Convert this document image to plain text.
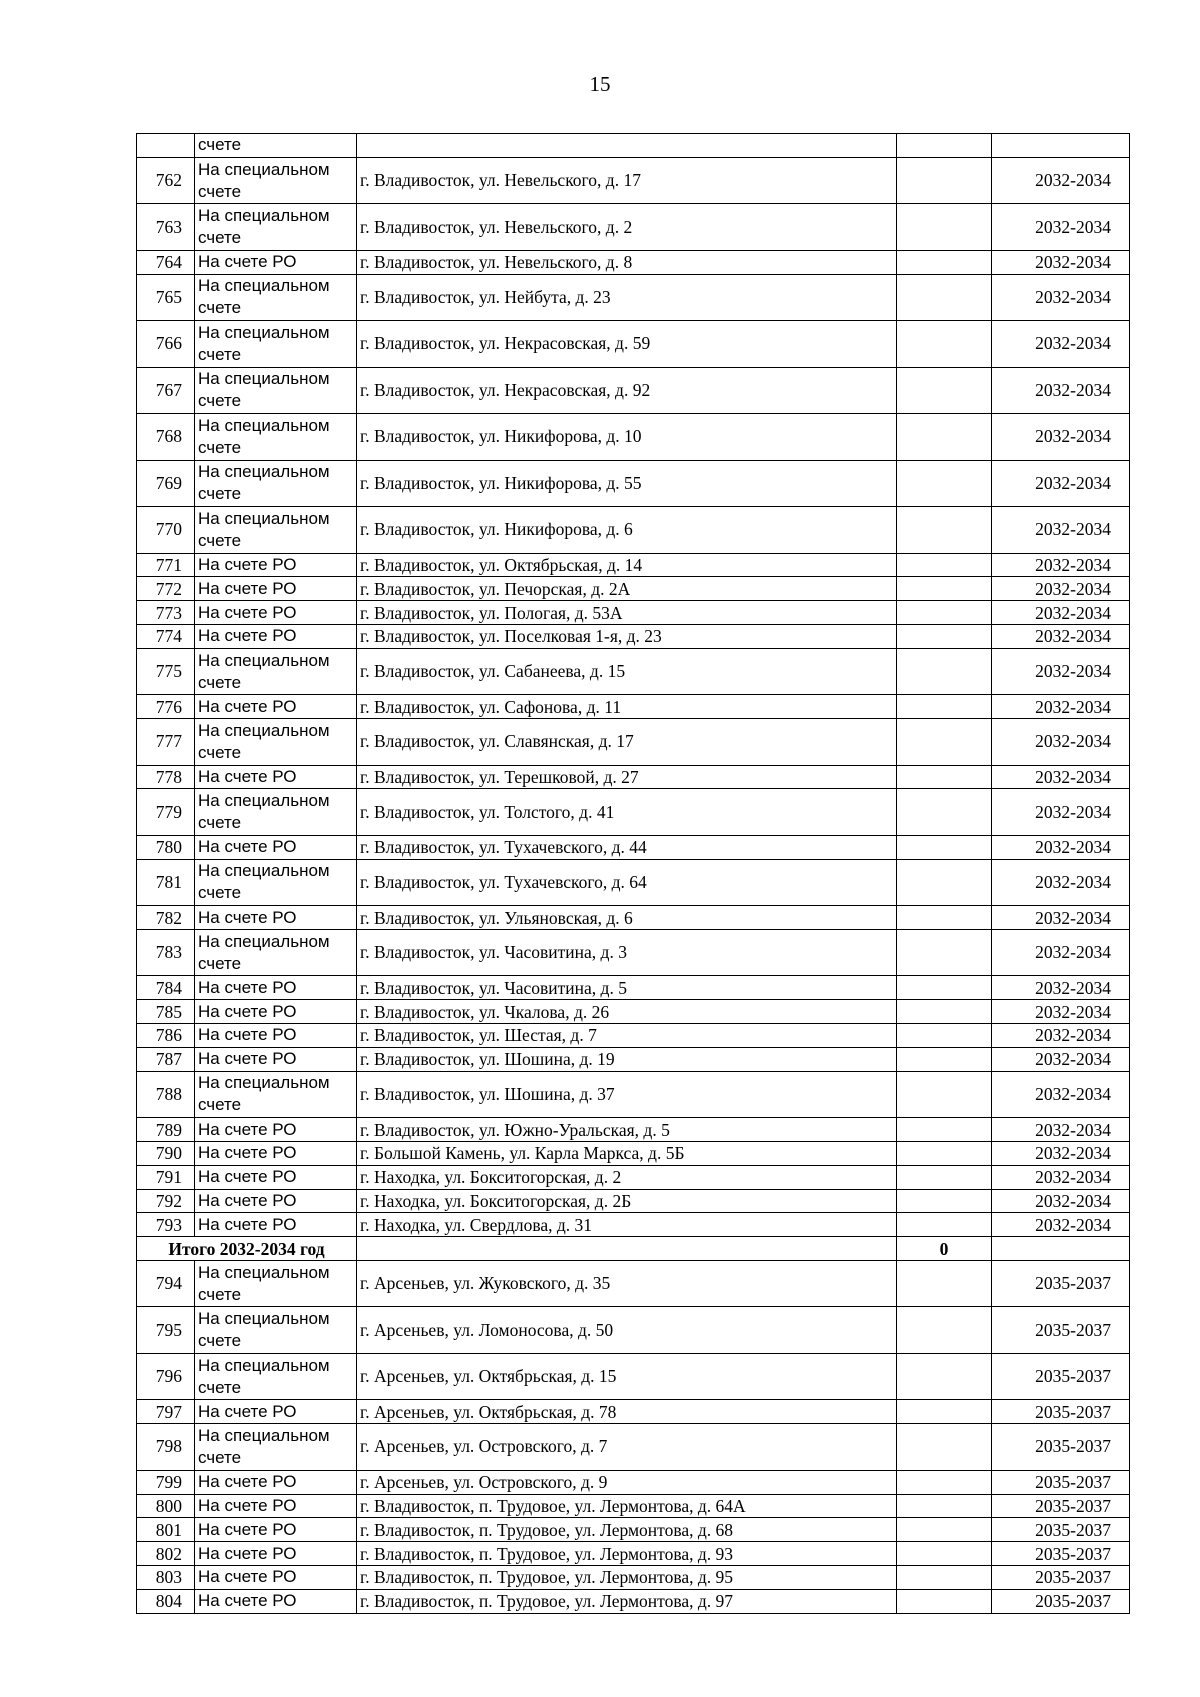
15
	счете			
762	На специальном счете	г. Владивосток, ул. Невельского, д. 17		2032-2034
763	На специальном счете	г. Владивосток, ул. Невельского, д. 2		2032-2034
764	На счете РО	г. Владивосток, ул. Невельского, д. 8		2032-2034
765	На специальном счете	г. Владивосток, ул. Нейбута, д. 23		2032-2034
766	На специальном счете	г. Владивосток, ул. Некрасовская, д. 59		2032-2034
767	На специальном счете	г. Владивосток, ул. Некрасовская, д. 92		2032-2034
768	На специальном счете	г. Владивосток, ул. Никифорова, д. 10		2032-2034
769	На специальном счете	г. Владивосток, ул. Никифорова, д. 55		2032-2034
770	На специальном счете	г. Владивосток, ул. Никифорова, д. 6		2032-2034
771	На счете РО	г. Владивосток, ул. Октябрьская, д. 14		2032-2034
772	На счете РО	г. Владивосток, ул. Печорская, д. 2А		2032-2034
773	На счете РО	г. Владивосток, ул. Пологая, д. 53А		2032-2034
774	На счете РО	г. Владивосток, ул. Поселковая 1-я, д. 23		2032-2034
775	На специальном счете	г. Владивосток, ул. Сабанеева, д. 15		2032-2034
776	На счете РО	г. Владивосток, ул. Сафонова, д. 11		2032-2034
777	На специальном счете	г. Владивосток, ул. Славянская, д. 17		2032-2034
778	На счете РО	г. Владивосток, ул. Терешковой, д. 27		2032-2034
779	На специальном счете	г. Владивосток, ул. Толстого, д. 41		2032-2034
780	На счете РО	г. Владивосток, ул. Тухачевского, д. 44		2032-2034
781	На специальном счете	г. Владивосток, ул. Тухачевского, д. 64		2032-2034
782	На счете РО	г. Владивосток, ул. Ульяновская, д. 6		2032-2034
783	На специальном счете	г. Владивосток, ул. Часовитина, д. 3		2032-2034
784	На счете РО	г. Владивосток, ул. Часовитина, д. 5		2032-2034
785	На счете РО	г. Владивосток, ул. Чкалова, д. 26		2032-2034
786	На счете РО	г. Владивосток, ул. Шестая, д. 7		2032-2034
787	На счете РО	г. Владивосток, ул. Шошина, д. 19		2032-2034
788	На специальном счете	г. Владивосток, ул. Шошина, д. 37		2032-2034
789	На счете РО	г. Владивосток, ул. Южно-Уральская, д. 5		2032-2034
790	На счете РО	г. Большой Камень, ул. Карла Маркса, д. 5Б		2032-2034
791	На счете РО	г. Находка, ул. Бокситогорская, д. 2		2032-2034
792	На счете РО	г. Находка, ул. Бокситогорская, д. 2Б		2032-2034
793	На счете РО	г. Находка, ул. Свердлова, д. 31		2032-2034
Итого 2032-2034 год			0	
794	На специальном счете	г. Арсеньев, ул. Жуковского, д. 35		2035-2037
795	На специальном счете	г. Арсеньев, ул. Ломоносова, д. 50		2035-2037
796	На специальном счете	г. Арсеньев, ул. Октябрьская, д. 15		2035-2037
797	На счете РО	г. Арсеньев, ул. Октябрьская, д. 78		2035-2037
798	На специальном счете	г. Арсеньев, ул. Островского, д. 7		2035-2037
799	На счете РО	г. Арсеньев, ул. Островского, д. 9		2035-2037
800	На счете РО	г. Владивосток, п. Трудовое, ул. Лермонтова, д. 64А		2035-2037
801	На счете РО	г. Владивосток, п. Трудовое, ул. Лермонтова, д. 68		2035-2037
802	На счете РО	г. Владивосток, п. Трудовое, ул. Лермонтова, д. 93		2035-2037
803	На счете РО	г. Владивосток, п. Трудовое, ул. Лермонтова, д. 95		2035-2037
804	На счете РО	г. Владивосток, п. Трудовое, ул. Лермонтова, д. 97		2035-2037
